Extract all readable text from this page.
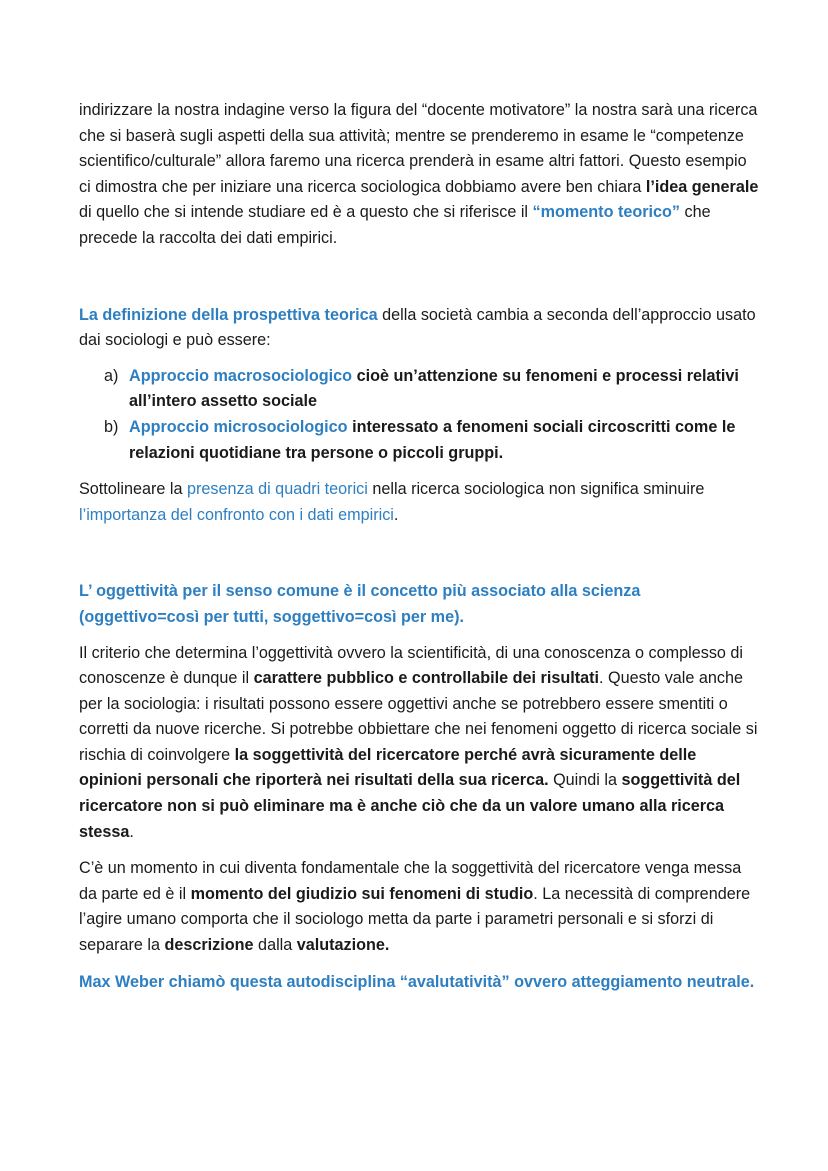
indirizzare la nostra indagine verso la figura del “docente motivatore” la nostra sarà una ricerca che si baserà sugli aspetti della sua attività; mentre se prenderemo in esame le “competenze scientifico/culturale” allora faremo una ricerca prenderà in esame altri fattori. Questo esempio ci dimostra che per iniziare una ricerca sociologica dobbiamo avere ben chiara l’idea generale di quello che si intende studiare ed è a questo che si riferisce il “momento teorico” che precede la raccolta dei dati empirici.

La definizione della prospettiva teorica della società cambia a seconda dell’approccio usato dai sociologi e può essere:

a) Approccio macrosociologico cioè un’attenzione su fenomeni e processi relativi all’intero assetto sociale
b) Approccio microsociologico interessato a fenomeni sociali circoscritti come le relazioni quotidiane tra persone o piccoli gruppi.

Sottolineare la presenza di quadri teorici nella ricerca sociologica non significa sminuire l’importanza del confronto con i dati empirici.

L’ oggettività per il senso comune è il concetto più associato alla scienza (oggettivo=così per tutti, soggettivo=così per me).

Il criterio che determina l’oggettività ovvero la scientificità, di una conoscenza o complesso di conoscenze è dunque il carattere pubblico e controllabile dei risultati. Questo vale anche per la sociologia: i risultati possono essere oggettivi anche se potrebbero essere smentiti o corretti da nuove ricerche. Si potrebbe obbiettare che nei fenomeni oggetto di ricerca sociale si rischia di coinvolgere la soggettività del ricercatore perché avrà sicuramente delle opinioni personali che riporterà nei risultati della sua ricerca. Quindi la soggettività del ricercatore non si può eliminare ma è anche ciò che da un valore umano alla ricerca stessa.

C’è un momento in cui diventa fondamentale che la soggettività del ricercatore venga messa da parte ed è il momento del giudizio sui fenomeni di studio. La necessità di comprendere l’agire umano comporta che il sociologo metta da parte i parametri personali e si sforzi di separare la descrizione dalla valutazione.

Max Weber chiamò questa autodisciplina “avalutatività” ovvero atteggiamento neutrale.
